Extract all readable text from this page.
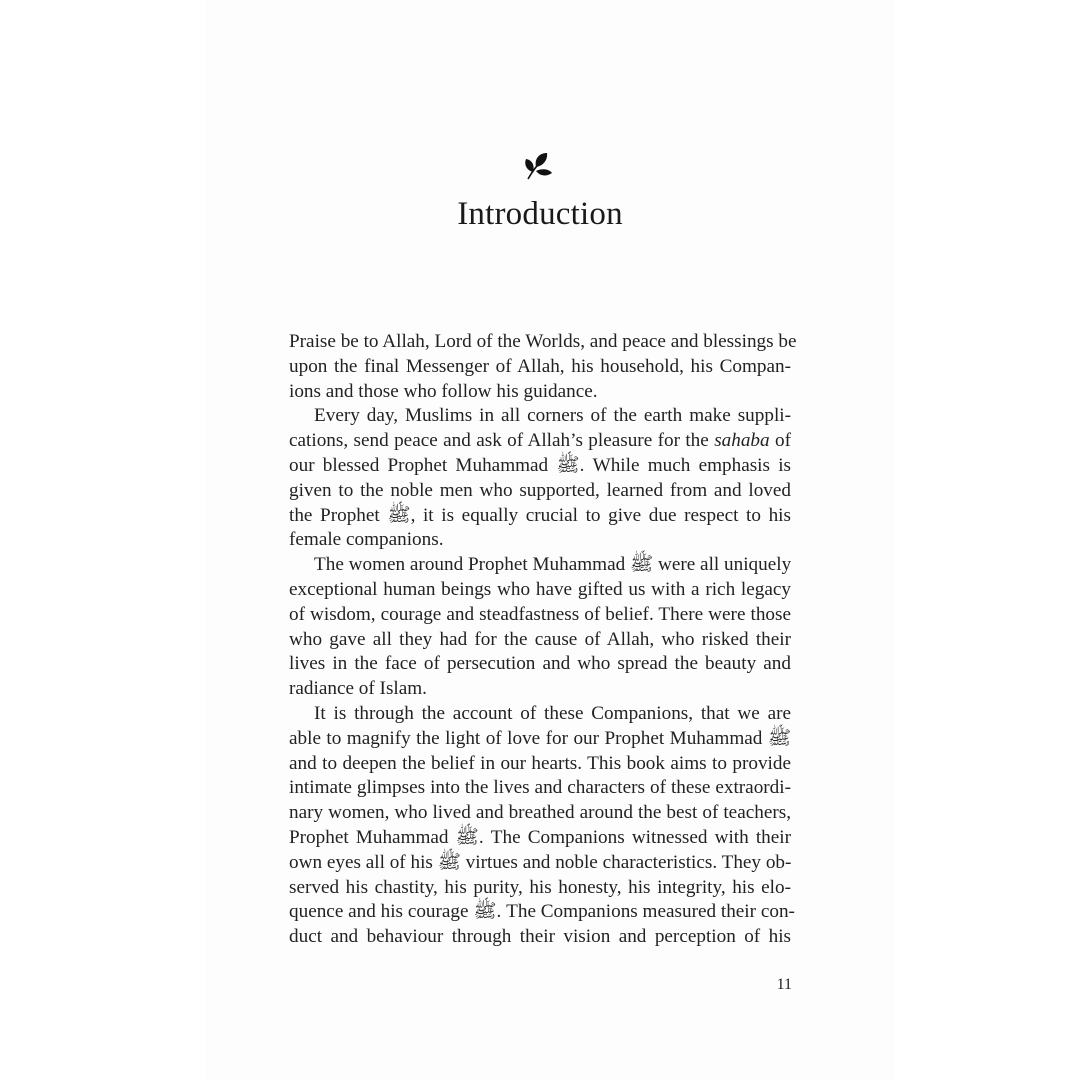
Introduction
Praise be to Allah, Lord of the Worlds, and peace and blessings be
upon the final Messenger of Allah, his household, his Compan-
ions and those who follow his guidance.
Every day, Muslims in all corners of the earth make suppli-
cations, send peace and ask of Allah’s pleasure for the sahaba of
our blessed Prophet Muhammad ﷺ. While much emphasis is
given to the noble men who supported, learned from and loved
the Prophet ﷺ, it is equally crucial to give due respect to his
female companions.
The women around Prophet Muhammad ﷺ were all uniquely
exceptional human beings who have gifted us with a rich legacy
of wisdom, courage and steadfastness of belief. There were those
who gave all they had for the cause of Allah, who risked their
lives in the face of persecution and who spread the beauty and
radiance of Islam.
It is through the account of these Companions, that we are
able to magnify the light of love for our Prophet Muhammad ﷺ
and to deepen the belief in our hearts. This book aims to provide
intimate glimpses into the lives and characters of these extraordi-
nary women, who lived and breathed around the best of teachers,
Prophet Muhammad ﷺ. The Companions witnessed with their
own eyes all of his ﷺ virtues and noble characteristics. They ob-
served his chastity, his purity, his honesty, his integrity, his elo-
quence and his courage ﷺ. The Companions measured their con-
duct and behaviour through their vision and perception of his
11
